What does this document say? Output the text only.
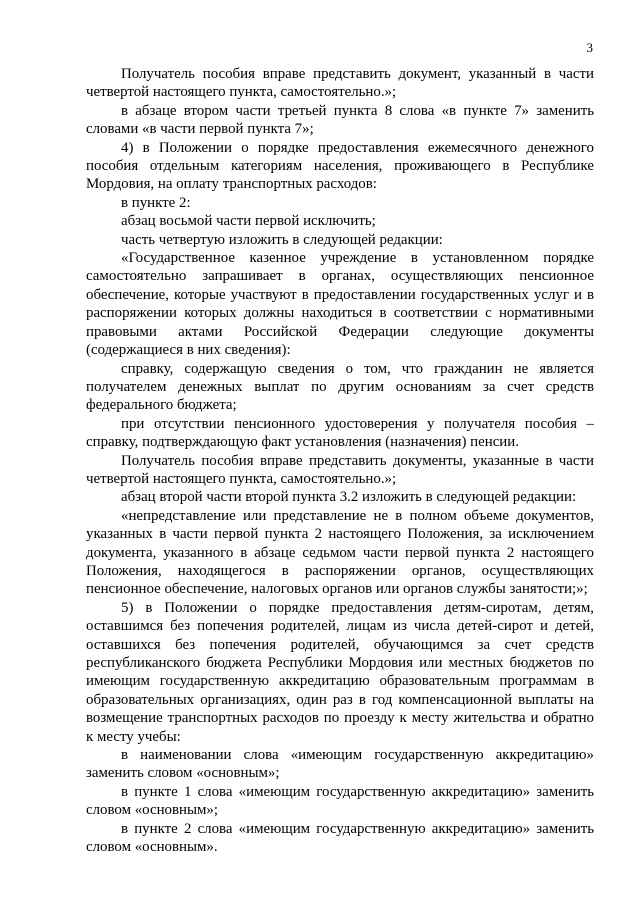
3

Получатель пособия вправе представить документ, указанный в части четвертой настоящего пункта, самостоятельно.»;

в абзаце втором части третьей пункта 8 слова «в пункте 7» заменить словами «в части первой пункта 7»;

4) в Положении о порядке предоставления ежемесячного денежного пособия отдельным категориям населения, проживающего в Республике Мордовия, на оплату транспортных расходов:

в пункте 2:

абзац восьмой части первой исключить;

часть четвертую изложить в следующей редакции:

«Государственное казенное учреждение в установленном порядке самостоятельно запрашивает в органах, осуществляющих пенсионное обеспечение, которые участвуют в предоставлении государственных услуг и в распоряжении которых должны находиться в соответствии с нормативными правовыми актами Российской Федерации следующие документы (содержащиеся в них сведения):

справку, содержащую сведения о том, что гражданин не является получателем денежных выплат по другим основаниям за счет средств федерального бюджета;

при отсутствии пенсионного удостоверения у получателя пособия – справку, подтверждающую факт установления (назначения) пенсии.

Получатель пособия вправе представить документы, указанные в части четвертой настоящего пункта, самостоятельно.»;

абзац второй части второй пункта 3.2 изложить в следующей редакции:

«непредставление или представление не в полном объеме документов, указанных в части первой пункта 2 настоящего Положения, за исключением документа, указанного в абзаце седьмом части первой пункта 2 настоящего Положения, находящегося в распоряжении органов, осуществляющих пенсионное обеспечение, налоговых органов или органов службы занятости;»;

5) в Положении о порядке предоставления детям-сиротам, детям, оставшимся без попечения родителей, лицам из числа детей-сирот и детей, оставшихся без попечения родителей, обучающимся за счет средств республиканского бюджета Республики Мордовия или местных бюджетов по имеющим государственную аккредитацию образовательным программам в образовательных организациях, один раз в год компенсационной выплаты на возмещение транспортных расходов по проезду к месту жительства и обратно к месту учебы:

в наименовании слова «имеющим государственную аккредитацию» заменить словом «основным»;

в пункте 1 слова «имеющим государственную аккредитацию» заменить словом «основным»;

в пункте 2 слова «имеющим государственную аккредитацию» заменить словом «основным».
